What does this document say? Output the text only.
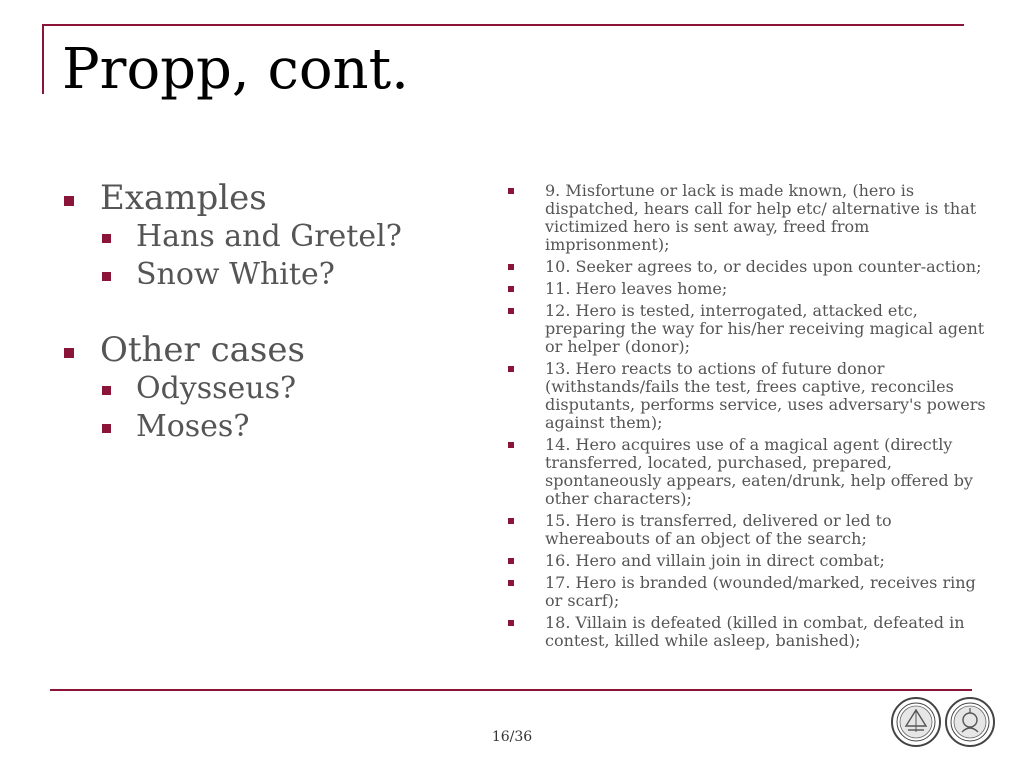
Propp, cont.
Examples
Hans and Gretel?
Snow White?
Other cases
Odysseus?
Moses?
9. Misfortune or lack is made known, (hero is dispatched, hears call for help etc/ alternative is that victimized hero is sent away, freed from imprisonment);
10. Seeker agrees to, or decides upon counter-action;
11. Hero leaves home;
12. Hero is tested, interrogated, attacked etc, preparing the way for his/her receiving magical agent or helper (donor);
13. Hero reacts to actions of future donor (withstands/fails the test, frees captive, reconciles disputants, performs service, uses adversary's powers against them);
14. Hero acquires use of a magical agent (directly transferred, located, purchased, prepared, spontaneously appears, eaten/drunk, help offered by other characters);
15. Hero is transferred, delivered or led to whereabouts of an object of the search;
16. Hero and villain join in direct combat;
17. Hero is branded (wounded/marked, receives ring or scarf);
18. Villain is defeated (killed in combat, defeated in contest, killed while asleep, banished);
16/36
